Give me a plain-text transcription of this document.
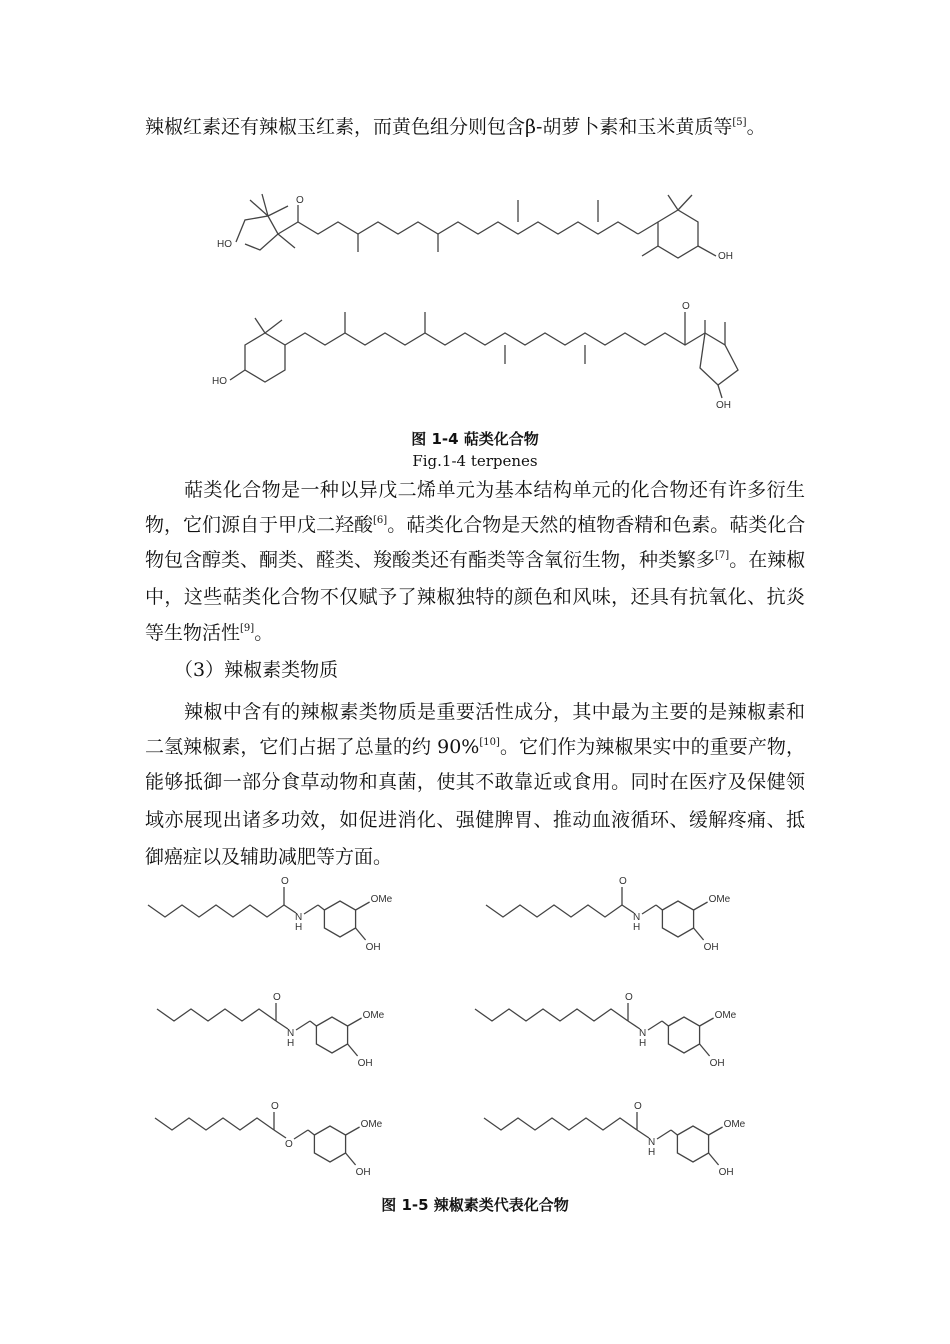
辣椒红素还有辣椒玉红素，而黄色组分则包含β-胡萝卜素和玉米黄质等[5]。
HO
O
OH
HO
O
OH
图 1-4 萜类化合物
Fig.1-4 terpenes
萜类化合物是一种以异戊二烯单元为基本结构单元的化合物还有许多衍生
物，它们源自于甲戊二羟酸[6]。萜类化合物是天然的植物香精和色素。萜类化合
物包含醇类、酮类、醛类、羧酸类还有酯类等含氧衍生物，种类繁多[7]。在辣椒
中，这些萜类化合物不仅赋予了辣椒独特的颜色和风味，还具有抗氧化、抗炎
等生物活性[9]。
（3）辣椒素类物质
辣椒中含有的辣椒素类物质是重要活性成分，其中最为主要的是辣椒素和
二氢辣椒素，它们占据了总量的约 90%[10]。它们作为辣椒果实中的重要产物，
能够抵御一部分食草动物和真菌，使其不敢靠近或食用。同时在医疗及保健领
域亦展现出诸多功效，如促进消化、强健脾胃、推动血液循环、缓解疼痛、抵
御癌症以及辅助减肥等方面。
O
N
H
OMe
OH
O
N
H
OMe
OH
O
N
H
OMe
OH
O
N
H
OMe
OH
O
O
OMe
OH
O
N
H
OMe
OH
图 1-5 辣椒素类代表化合物
